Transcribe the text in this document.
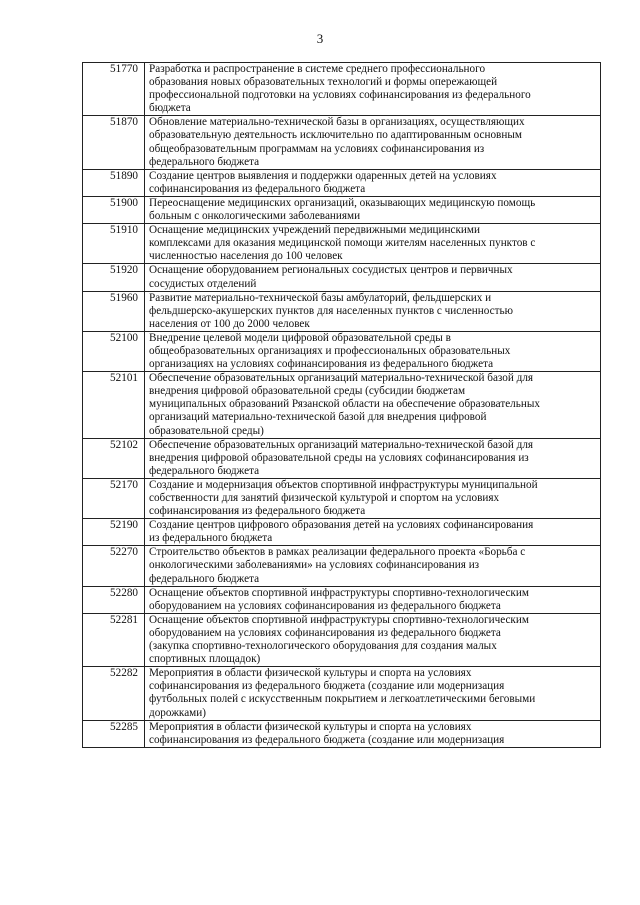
3
51770	Разработка и распространение в системе среднего профессионального
образования новых образовательных технологий и формы опережающей
профессиональной подготовки на условиях софинансирования из федерального
бюджета

51870	Обновление материально-технической базы в организациях, осуществляющих
образовательную деятельность исключительно по адаптированным основным
общеобразовательным программам на условиях софинансирования из
федерального бюджета

51890	Создание центров выявления и поддержки одаренных детей на условиях
софинансирования из федерального бюджета

51900	Переоснащение медицинских организаций, оказывающих медицинскую помощь
больным с онкологическими заболеваниями

51910	Оснащение медицинских учреждений передвижными медицинскими
комплексами для оказания медицинской помощи жителям населенных пунктов с
численностью населения до 100 человек

51920	Оснащение оборудованием региональных сосудистых центров и первичных
сосудистых отделений

51960	Развитие материально-технической базы амбулаторий, фельдшерских и
фельдшерско-акушерских пунктов для населенных пунктов с численностью
населения от 100 до 2000 человек

52100	Внедрение целевой модели цифровой образовательной среды в
общеобразовательных организациях и профессиональных образовательных
организациях на условиях софинансирования из федерального бюджета

52101	Обеспечение образовательных организаций материально-технической базой для
внедрения цифровой образовательной среды (субсидии бюджетам
муниципальных образований Рязанской области на обеспечение образовательных
организаций материально-технической базой для внедрения цифровой
образовательной среды)

52102	Обеспечение образовательных организаций материально-технической базой для
внедрения цифровой образовательной среды на условиях софинансирования из
федерального бюджета

52170	Создание и модернизация объектов спортивной инфраструктуры муниципальной
собственности для занятий физической культурой и спортом на условиях
софинансирования из федерального бюджета

52190	Создание центров цифрового образования детей на условиях софинансирования
из федерального бюджета

52270	Строительство объектов в рамках реализации федерального проекта «Борьба с
онкологическими заболеваниями» на условиях софинансирования из
федерального бюджета

52280	Оснащение объектов спортивной инфраструктуры спортивно-технологическим
оборудованием на условиях софинансирования из федерального бюджета

52281	Оснащение объектов спортивной инфраструктуры спортивно-технологическим
оборудованием на условиях софинансирования из федерального бюджета
(закупка спортивно-технологического оборудования для создания малых
спортивных площадок)

52282	Мероприятия в области физической культуры и спорта на условиях
софинансирования из федерального бюджета (создание или модернизация
футбольных полей с искусственным покрытием и легкоатлетическими беговыми
дорожками)

52285	Мероприятия в области физической культуры и спорта на условиях
софинансирования из федерального бюджета (создание или модернизация
